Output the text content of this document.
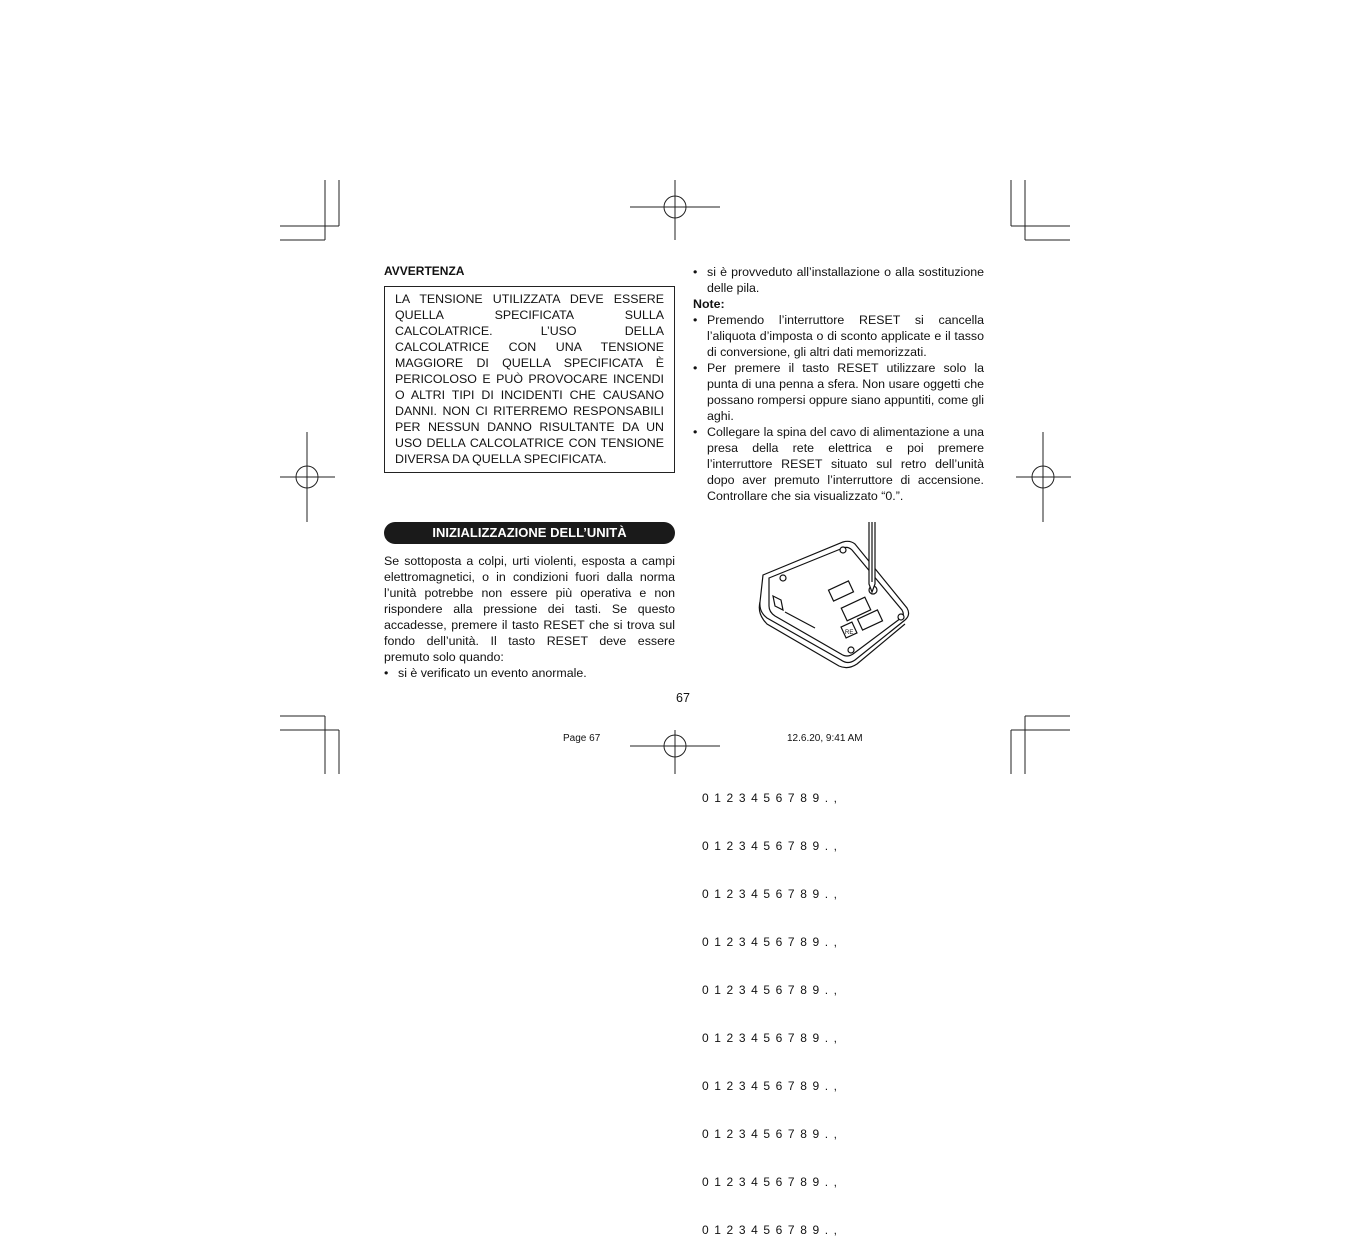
AVVERTENZA
LA TENSIONE UTILIZZATA DEVE ESSERE QUELLA SPECIFICATA SULLA CALCOLATRICE. L’USO DELLA CALCOLATRICE CON UNA TENSIONE MAGGIORE DI QUELLA SPECIFICATA È PERICOLOSO E PUÒ PROVOCARE INCENDI O ALTRI TIPI DI INCIDENTI CHE CAUSANO DANNI. NON CI RITERREMO RESPONSABILI PER NESSUN DANNO RISULTANTE DA UN USO DELLA CALCOLATRICE CON TENSIONE DIVERSA DA QUELLA SPECIFICATA.
INIZIALIZZAZIONE DELL’UNITÀ
Se sottoposta a colpi, urti violenti, esposta a campi elettromagnetici, o in condizioni fuori dalla norma l’unità potrebbe non essere più operativa e non rispondere alla pressione dei tasti. Se questo accadesse, premere il tasto RESET che si trova sul fondo dell’unità. Il tasto RESET deve essere premuto solo quando:
• si è verificato un evento anormale.
• si è provveduto all’installazione o alla sostituzione delle pila.
Note:
• Premendo l’interruttore RESET si cancella l’aliquota d’imposta o di sconto applicate e il tasso di conversione, gli altri dati memorizzati.
• Per premere il tasto RESET utilizzare solo la punta di una penna a sfera. Non usare oggetti che possano rompersi oppure siano appuntiti, come gli aghi.
• Collegare la spina del cavo di alimentazione a una presa della rete elettrica e poi premere l’interruttore RESET situato sul retro dell’unità dopo aver premuto l’interruttore di accensione. Controllare che sia visualizzato “0.”.
RE
67
Page 67	12.6.20, 9:41 AM

0123456789.,

0123456789.,

0123456789.,

0123456789.,

0123456789.,

0123456789.,

0123456789.,

0123456789.,

0123456789.,

0123456789.,
